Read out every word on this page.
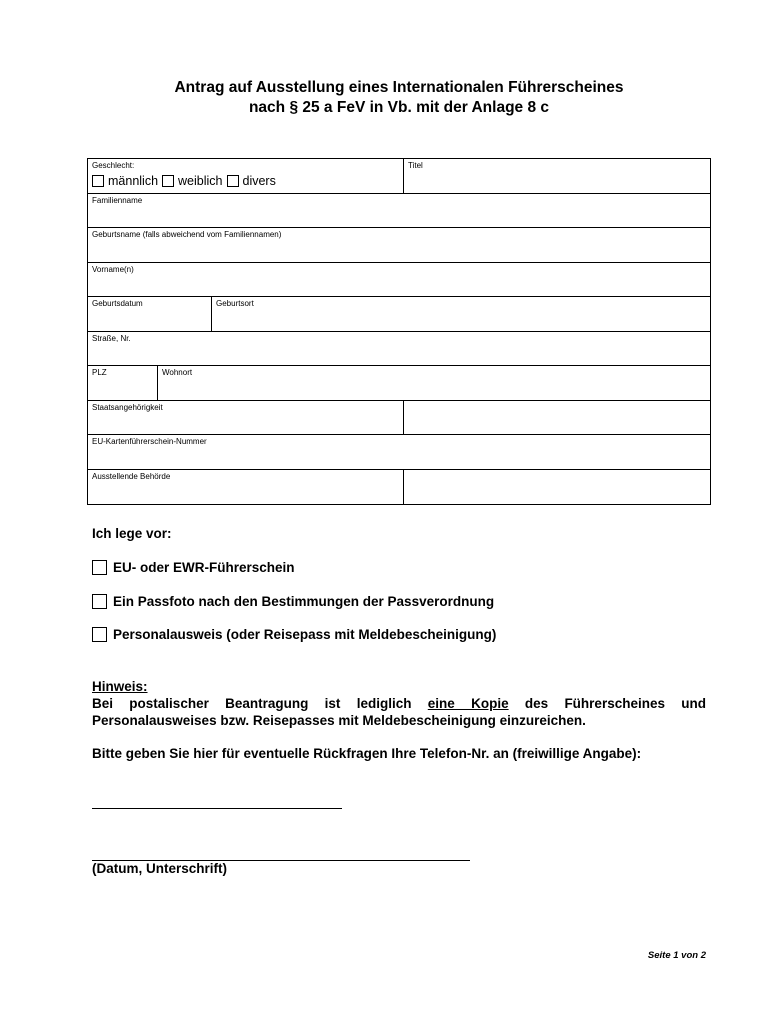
Antrag auf Ausstellung eines Internationalen Führerscheines
nach § 25 a FeV in Vb. mit der Anlage 8 c
Geschlecht:
männlich weiblich divers
Titel
Familienname
Geburtsname (falls abweichend vom Familiennamen)
Vorname(n)
Geburtsdatum	Geburtsort
Straße, Nr.
PLZ	Wohnort
Staatsangehörigkeit
EU-Kartenführerschein-Nummer
Ausstellende Behörde
Ich lege vor:
EU- oder EWR-Führerschein
Ein Passfoto nach den Bestimmungen der Passverordnung
Personalausweis (oder Reisepass mit Meldebescheinigung)
Hinweis:
Bei postalischer Beantragung ist lediglich eine Kopie des Führerscheines und Personalausweises bzw. Reisepasses mit Meldebescheinigung einzureichen.
Bitte geben Sie hier für eventuelle Rückfragen Ihre Telefon-Nr. an (freiwillige Angabe):
(Datum, Unterschrift)
Seite 1 von 2
